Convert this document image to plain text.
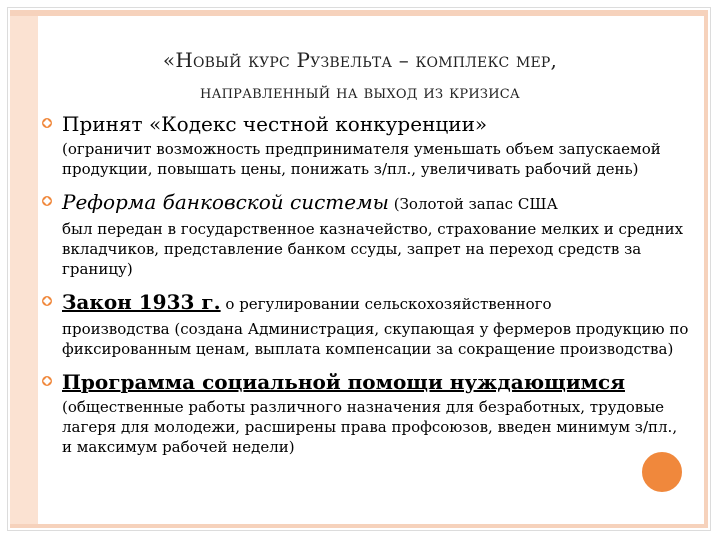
«Новый курс Рузвельта – комплекс мер,
направленный на выход из кризиса
Принят «Кодекс честной конкуренции»
(ограничит возможность предпринимателя уменьшать объем запускаемой продукции, повышать цены, понижать з/пл., увеличивать рабочий день)
Реформа банковской системы (Золотой запас США
был передан в государственное казначейство, страхование мелких и средних вкладчиков, представление банком ссуды, запрет на переход средств за границу)
Закон 1933 г. о регулировании сельскохозяйственного
производства (создана Администрация, скупающая у фермеров продукцию по фиксированным ценам, выплата компенсации за сокращение производства)
Программа социальной помощи нуждающимся
(общественные работы различного назначения для безработных, трудовые лагеря для молодежи, расширены права профсоюзов, введен минимум з/пл., и максимум рабочей недели)
